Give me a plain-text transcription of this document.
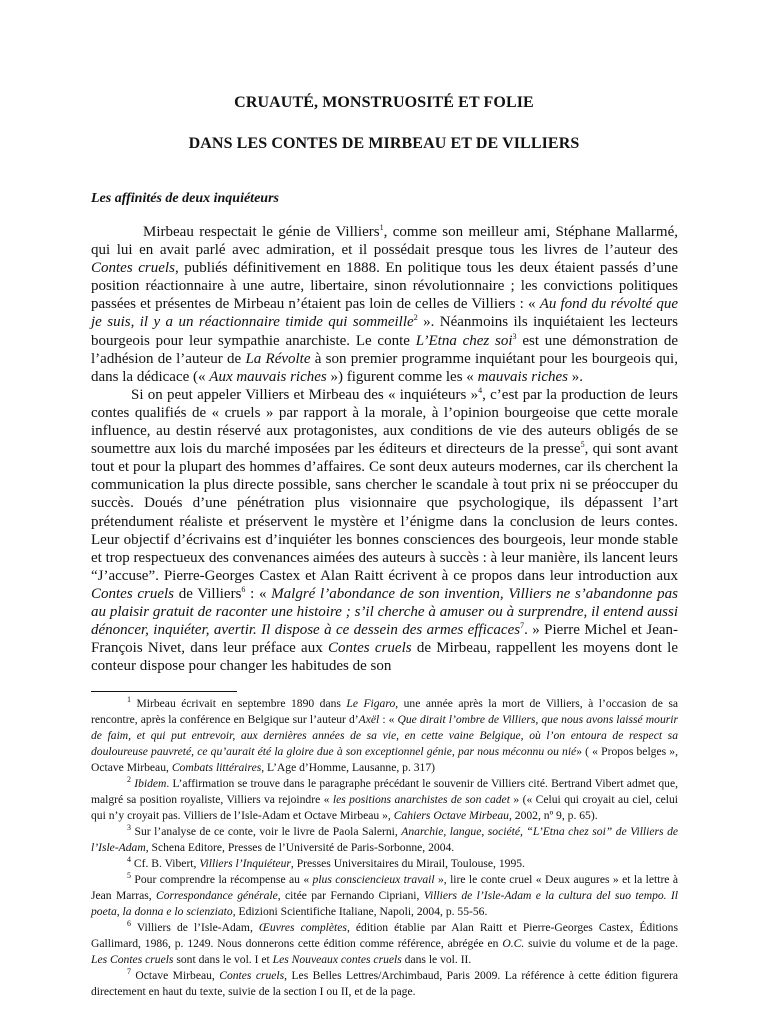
CRUAUTÉ, MONSTRUOSITÉ ET FOLIE
DANS LES CONTES DE MIRBEAU ET DE VILLIERS
Les affinités de deux inquiéteurs

Mirbeau respectait le génie de Villiers$^1$, comme son meilleur ami, Stéphane Mallarmé, qui lui en avait parlé avec admiration, et il possédait presque tous les livres de l’auteur des Contes cruels, publiés définitivement en 1888. En politique tous les deux étaient passés d’une position réactionnaire à une autre, libertaire, sinon révolutionnaire ; les convictions politiques passées et présentes de Mirbeau n’étaient pas loin de celles de Villiers : « Au fond du révolté que je suis, il y a un réactionnaire timide qui sommeille$^2$ ». Néanmoins ils inquiétaient les lecteurs bourgeois pour leur sympathie anarchiste. Le conte L’Etna chez soi$^3$ est une démonstration de l’adhésion de l’auteur de La Révolte à son premier programme inquiétant pour les bourgeois qui, dans la dédicace (« Aux mauvais riches ») figurent comme les « mauvais riches ».

Si on peut appeler Villiers et Mirbeau des « inquiéteurs »$^4$, c’est par la production de leurs contes qualifiés de « cruels » par rapport à la morale, à l’opinion bourgeoise que cette morale influence, au destin réservé aux protagonistes, aux conditions de vie des auteurs obligés de se soumettre aux lois du marché imposées par les éditeurs et directeurs de la presse$^5$, qui sont avant tout et pour la plupart des hommes d’affaires. Ce sont deux auteurs modernes, car ils cherchent la communication la plus directe possible, sans chercher le scandale à tout prix ni se préoccuper du succès. Doués d’une pénétration plus visionnaire que psychologique, ils dépassent l’art prétendument réaliste et préservent le mystère et l’énigme dans la conclusion de leurs contes. Leur objectif d’écrivains est d’inquiéter les bonnes consciences des bourgeois, leur monde stable et trop respectueux des convenances aimées des auteurs à succès : à leur manière, ils lancent leurs “J’accuse”. Pierre-Georges Castex et Alan Raitt écrivent à ce propos dans leur introduction aux Contes cruels de Villiers$^6$ : « Malgré l’abondance de son invention, Villiers ne s’abandonne pas au plaisir gratuit de raconter une histoire ; s’il cherche à amuser ou à surprendre, il entend aussi dénoncer, inquiéter, avertir. Il dispose à ce dessein des armes efficaces$^7$. » Pierre Michel et Jean-François Nivet, dans leur préface aux Contes cruels de Mirbeau, rappellent les moyens dont le conteur dispose pour changer les habitudes de son

$^1$ Mirbeau écrivait en septembre 1890 dans Le Figaro, une année après la mort de Villiers, à l’occasion de sa rencontre, après la conférence en Belgique sur l’auteur d’Axël : « Que dirait l’ombre de Villiers, que nous avons laissé mourir de faim, et qui put entrevoir, aux dernières années de sa vie, en cette vaine Belgique, où l’on entoura de respect sa douloureuse pauvreté, ce qu’aurait été la gloire due à son exceptionnel génie, par nous méconnu ou nié» ( « Propos belges », Octave Mirbeau, Combats littéraires, L’Age d’Homme, Lausanne, p. 317)

$^2$ Ibidem. L’affirmation se trouve dans le paragraphe précédant le souvenir de Villiers cité. Bertrand Vibert admet que, malgré sa position royaliste, Villiers va rejoindre « les positions anarchistes de son cadet » (« Celui qui croyait au ciel, celui qui n’y croyait pas. Villiers de l’Isle-Adam et Octave Mirbeau », Cahiers Octave Mirbeau, 2002, nº 9, p. 65).

$^3$ Sur l’analyse de ce conte, voir le livre de Paola Salerni, Anarchie, langue, société, “L’Etna chez soi” de Villiers de l’Isle-Adam, Schena Editore, Presses de l’Université de Paris-Sorbonne, 2004.

$^4$ Cf. B. Vibert, Villiers l’Inquiéteur, Presses Universitaires du Mirail, Toulouse, 1995.

$^5$ Pour comprendre la récompense au « plus consciencieux travail », lire le conte cruel « Deux augures » et la lettre à Jean Marras, Correspondance générale, citée par Fernando Cipriani, Villiers de l’Isle-Adam e la cultura del suo tempo. Il poeta, la donna e lo scienziato, Edizioni Scientifiche Italiane, Napoli, 2004, p. 55-56.

$^6$ Villiers de l’Isle-Adam, Œuvres complètes, édition établie par Alan Raitt et Pierre-Georges Castex, Éditions Gallimard, 1986, p. 1249. Nous donnerons cette édition comme référence, abrégée en O.C. suivie du volume et de la page. Les Contes cruels sont dans le vol. I et Les Nouveaux contes cruels dans le vol. II.

$^7$ Octave Mirbeau, Contes cruels, Les Belles Lettres/Archimbaud, Paris 2009. La référence à cette édition figurera directement en haut du texte, suivie de la section I ou II, et de la page.
